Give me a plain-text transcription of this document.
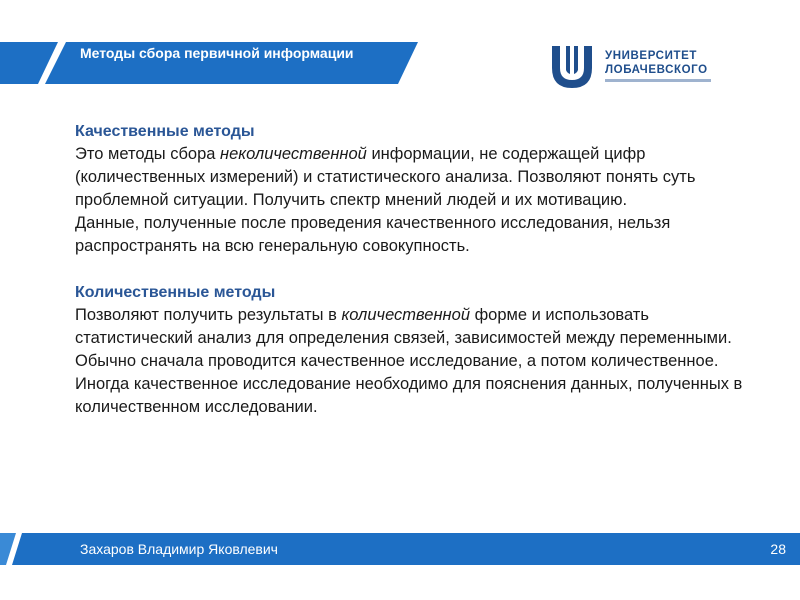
Методы сбора первичной информации	УНИВЕРСИТЕТ
ЛОБАЧЕВСКОГО

Качественные методы

Это методы сбора неколичественной информации, не содержащей цифр (количественных измерений) и статистического анализа. Позволяют понять суть проблемной ситуации. Получить спектр мнений людей и их мотивацию.

Данные, полученные после проведения качественного исследования, нельзя распространять на всю генеральную совокупность.

Количественные методы

Позволяют получить результаты в количественной форме и использовать статистический анализ для определения связей, зависимостей между переменными.

Обычно сначала проводится качественное исследование, а потом количественное. Иногда качественное исследование необходимо для пояснения данных, полученных в количественном исследовании.

Захаров Владимир Яковлевич	28
